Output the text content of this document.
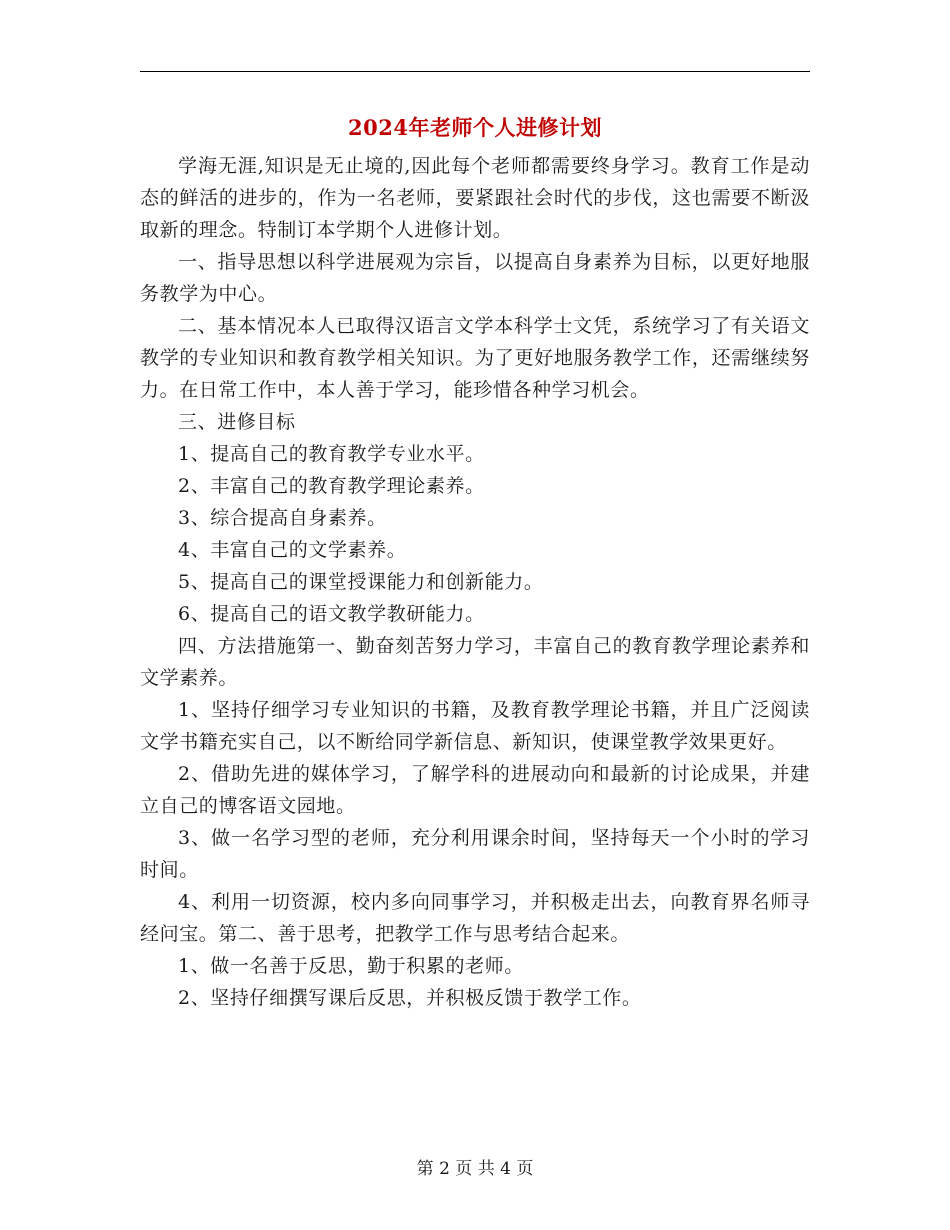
2024年老师个人进修计划

学海无涯,知识是无止境的,因此每个老师都需要终身学习。教育工作是动态的鲜活的进步的，作为一名老师，要紧跟社会时代的步伐，这也需要不断汲取新的理念。特制订本学期个人进修计划。

一、指导思想以科学进展观为宗旨，以提高自身素养为目标，以更好地服务教学为中心。

二、基本情况本人已取得汉语言文学本科学士文凭，系统学习了有关语文教学的专业知识和教育教学相关知识。为了更好地服务教学工作，还需继续努力。在日常工作中，本人善于学习，能珍惜各种学习机会。

三、进修目标

1、提高自己的教育教学专业水平。

2、丰富自己的教育教学理论素养。

3、综合提高自身素养。

4、丰富自己的文学素养。

5、提高自己的课堂授课能力和创新能力。

6、提高自己的语文教学教研能力。

四、方法措施第一、勤奋刻苦努力学习，丰富自己的教育教学理论素养和文学素养。

1、坚持仔细学习专业知识的书籍，及教育教学理论书籍，并且广泛阅读文学书籍充实自己，以不断给同学新信息、新知识，使课堂教学效果更好。

2、借助先进的媒体学习，了解学科的进展动向和最新的讨论成果，并建立自己的博客语文园地。

3、做一名学习型的老师，充分利用课余时间，坚持每天一个小时的学习时间。

4、利用一切资源，校内多向同事学习，并积极走出去，向教育界名师寻经问宝。第二、善于思考，把教学工作与思考结合起来。

1、做一名善于反思，勤于积累的老师。

2、坚持仔细撰写课后反思，并积极反馈于教学工作。

第 2 页 共 4 页
